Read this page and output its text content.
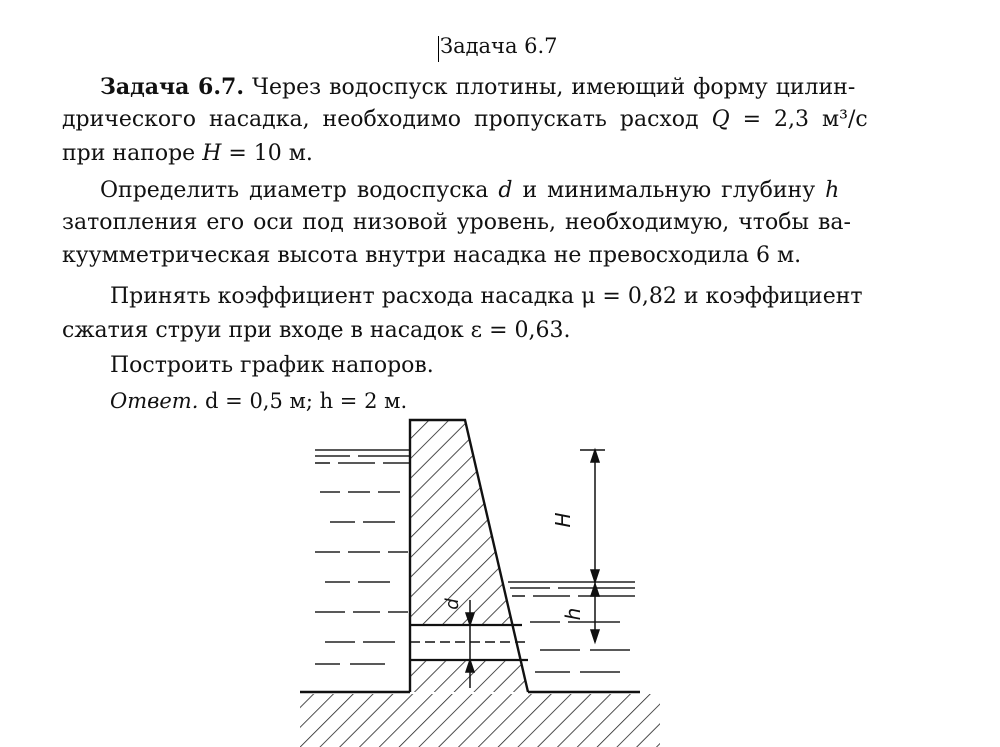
Задача 6.7
Задача 6.7. Через водоспуск плотины, имеющий форму цилин-
дрического насадка, необходимо пропускать расход Q = 2,3 м³/с
при напоре H = 10 м.
Определить диаметр водоспуска d и минимальную глубину h
затопления его оси под низовой уровень, необходимую, чтобы ва-
куумметрическая высота внутри насадка не превосходила 6 м.
Принять коэффициент расхода насадка μ = 0,82 и коэффициент
сжатия струи при входе в насадок ε = 0,63.
Построить график напоров.
Ответ. d = 0,5 м; h = 2 м.
H
h
d
